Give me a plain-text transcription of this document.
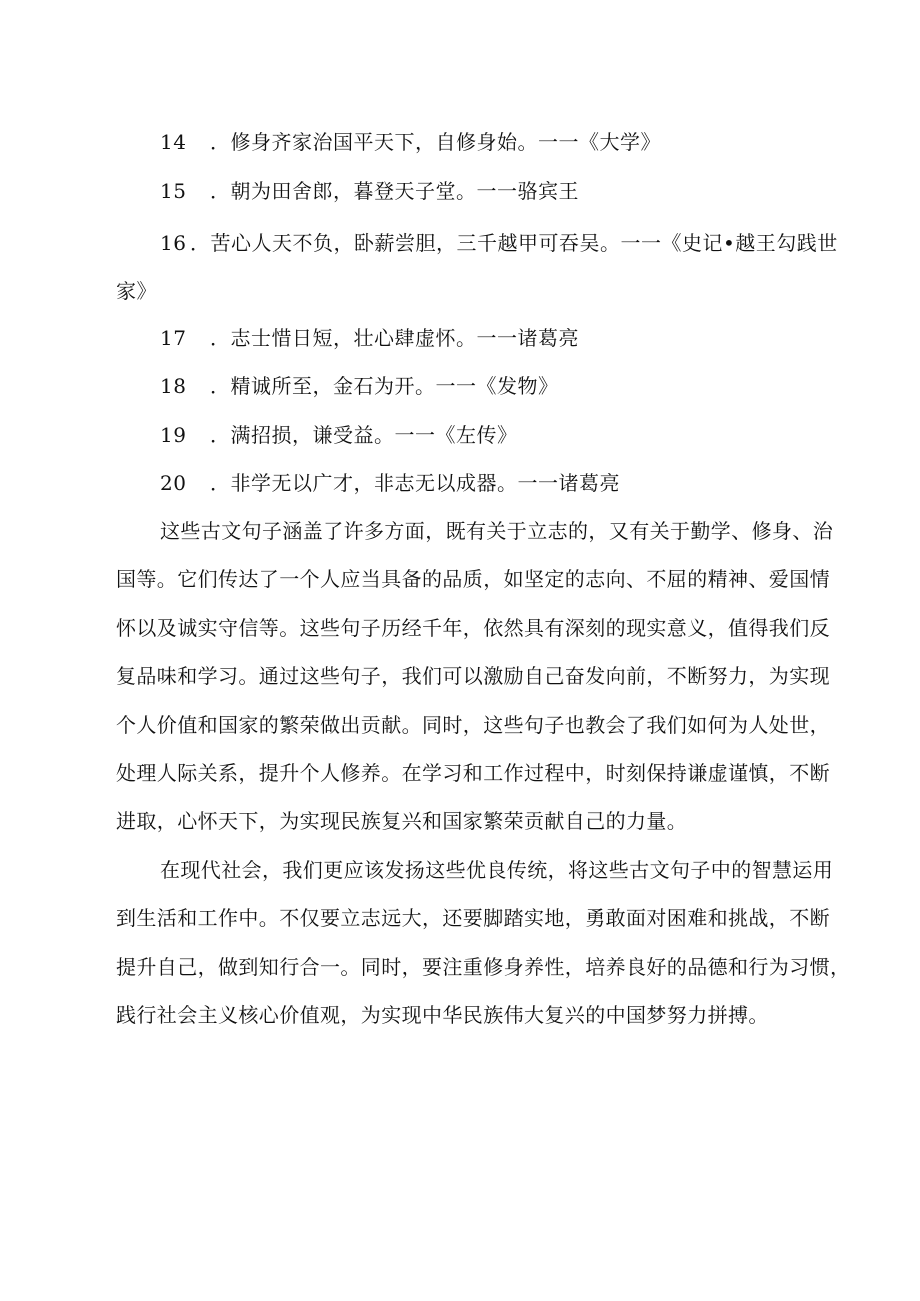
14 ．修身齐家治国平天下，自修身始。一一《大学》
15 ．朝为田舍郎，暮登天子堂。一一骆宾王
16 ．苦心人天不负，卧薪尝胆，三千越甲可吞吴。一一《史记•越王勾践世
家》
17 ．志士惜日短，壮心肆虚怀。一一诸葛亮
18 ．精诚所至，金石为开。一一《发物》
19 ．满招损，谦受益。一一《左传》
20 ．非学无以广才，非志无以成器。一一诸葛亮
这些古文句子涵盖了许多方面，既有关于立志的，又有关于勤学、修身、治
国等。它们传达了一个人应当具备的品质，如坚定的志向、不屈的精神、爱国情
怀以及诚实守信等。这些句子历经千年，依然具有深刻的现实意义，值得我们反
复品味和学习。通过这些句子，我们可以激励自己奋发向前，不断努力，为实现
个人价值和国家的繁荣做出贡献。同时，这些句子也教会了我们如何为人处世，
处理人际关系，提升个人修养。在学习和工作过程中，时刻保持谦虚谨慎，不断
进取，心怀天下，为实现民族复兴和国家繁荣贡献自己的力量。
在现代社会，我们更应该发扬这些优良传统，将这些古文句子中的智慧运用
到生活和工作中。不仅要立志远大，还要脚踏实地，勇敢面对困难和挑战，不断
提升自己，做到知行合一。同时，要注重修身养性，培养良好的品德和行为习惯，
践行社会主义核心价值观，为实现中华民族伟大复兴的中国梦努力拼搏。
